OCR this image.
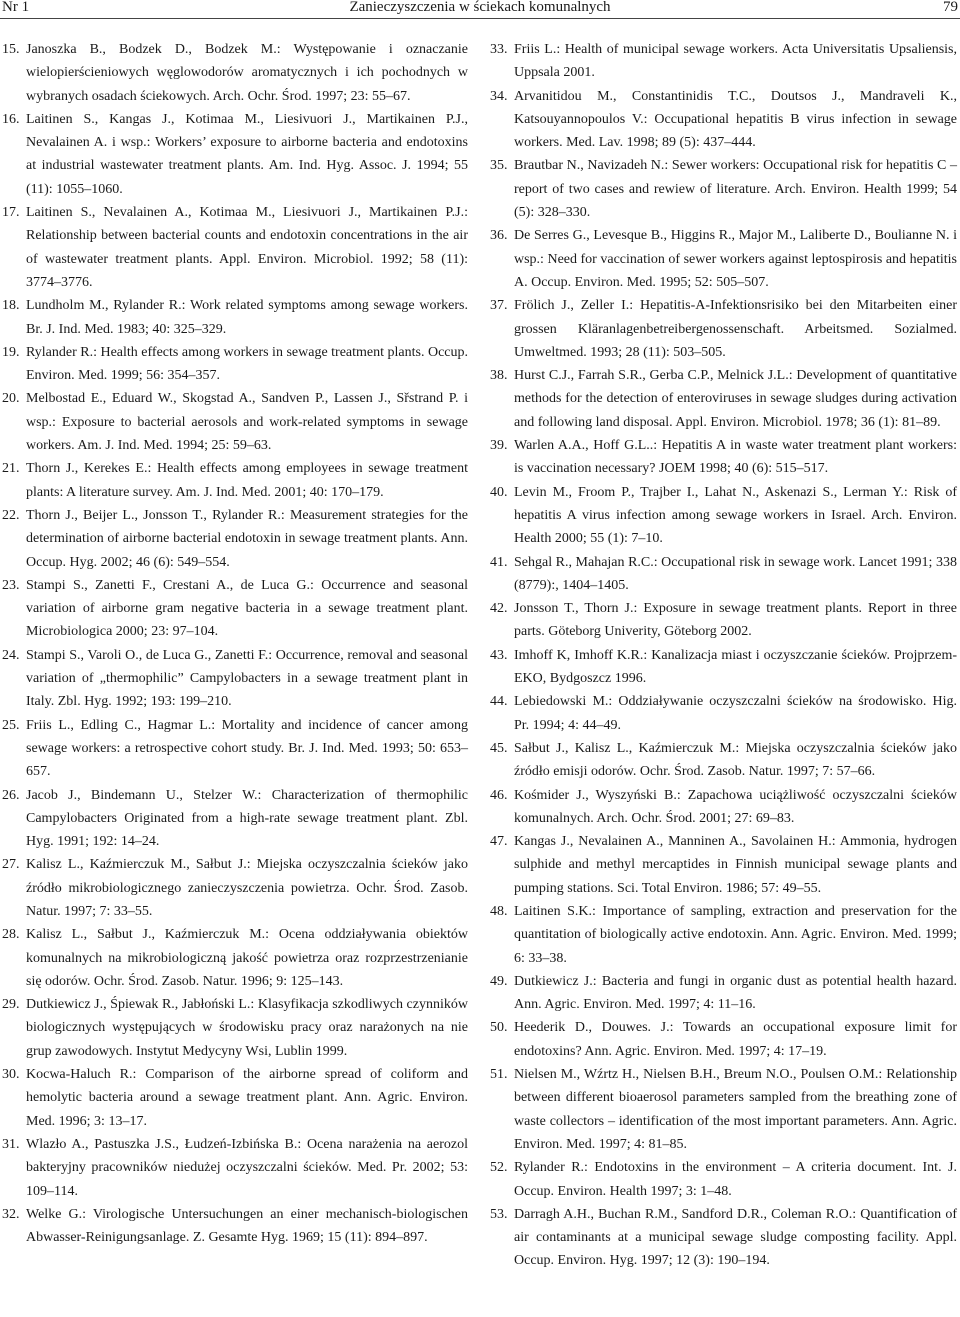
Nr 1	Zanieczyszczenia w ściekach komunalnych	79

15. Janoszka B., Bodzek D., Bodzek M.: Występowanie i oznaczanie wielopierścieniowych węglowodorów aromatycznych i ich pochodnych w wybranych osadach ściekowych. Arch. Ochr. Środ. 1997; 23: 55–67.

16. Laitinen S., Kangas J., Kotimaa M., Liesivuori J., Martikainen P.J., Nevalainen A. i wsp.: Workers’ exposure to airborne bacteria and endotoxins at industrial wastewater treatment plants. Am. Ind. Hyg. Assoc. J. 1994; 55 (11): 1055–1060.

17. Laitinen S., Nevalainen A., Kotimaa M., Liesivuori J., Martikainen P.J.: Relationship between bacterial counts and endotoxin concentrations in the air of wastewater treatment plants. Appl. Environ. Microbiol. 1992; 58 (11): 3774–3776.

18. Lundholm M., Rylander R.: Work related symptoms among sewage workers. Br. J. Ind. Med. 1983; 40: 325–329.

19. Rylander R.: Health effects among workers in sewage treatment plants. Occup. Environ. Med. 1999; 56: 354–357.

20. Melbostad E., Eduard W., Skogstad A., Sandven P., Lassen J., Sřstrand P. i wsp.: Exposure to bacterial aerosols and work-related symptoms in sewage workers. Am. J. Ind. Med. 1994; 25: 59–63.

21. Thorn J., Kerekes E.: Health effects among employees in sewage treatment plants: A literature survey. Am. J. Ind. Med. 2001; 40: 170–179.

22. Thorn J., Beijer L., Jonsson T., Rylander R.: Measurement strategies for the determination of airborne bacterial endotoxin in sewage treatment plants. Ann. Occup. Hyg. 2002; 46 (6): 549–554.

23. Stampi S., Zanetti F., Crestani A., de Luca G.: Occurrence and seasonal variation of airborne gram negative bacteria in a sewage treatment plant. Microbiologica 2000; 23: 97–104.

24. Stampi S., Varoli O., de Luca G., Zanetti F.: Occurrence, removal and seasonal variation of „thermophilic” Campylobacters in a sewage treatment plant in Italy. Zbl. Hyg. 1992; 193: 199–210.

25. Friis L., Edling C., Hagmar L.: Mortality and incidence of cancer among sewage workers: a retrospective cohort study. Br. J. Ind. Med. 1993; 50: 653–657.

26. Jacob J., Bindemann U., Stelzer W.: Characterization of thermophilic Campylobacters Originated from a high-rate sewage treatment plant. Zbl. Hyg. 1991; 192: 14–24.

27. Kalisz L., Kaźmierczuk M., Sałbut J.: Miejska oczyszczalnia ścieków jako źródło mikrobiologicznego zanieczyszczenia powietrza. Ochr. Środ. Zasob. Natur. 1997; 7: 33–55.

28. Kalisz L., Sałbut J., Kaźmierczuk M.: Ocena oddziaływania obiektów komunalnych na mikrobiologiczną jakość powietrza oraz rozprzestrzenianie się odorów. Ochr. Środ. Zasob. Natur. 1996; 9: 125–143.

29. Dutkiewicz J., Śpiewak R., Jabłoński L.: Klasyfikacja szkodliwych czynników biologicznych występujących w środowisku pracy oraz narażonych na nie grup zawodowych. Instytut Medycyny Wsi, Lublin 1999.

30. Kocwa-Haluch R.: Comparison of the airborne spread of coliform and hemolytic bacteria around a sewage treatment plant. Ann. Agric. Environ. Med. 1996; 3: 13–17.

31. Wlazło A., Pastuszka J.S., Łudzeń-Izbińska B.: Ocena narażenia na aerozol bakteryjny pracowników niedużej oczyszczalni ścieków. Med. Pr. 2002; 53: 109–114.

32. Welke G.: Virologische Untersuchungen an einer mechanisch-biologischen Abwasser-Reinigungsanlage. Z. Gesamte Hyg. 1969; 15 (11): 894–897.

33. Friis L.: Health of municipal sewage workers. Acta Universitatis Upsaliensis, Uppsala 2001.

34. Arvanitidou M., Constantinidis T.C., Doutsos J., Mandraveli K., Katsouyannopoulos V.: Occupational hepatitis B virus infection in sewage workers. Med. Lav. 1998; 89 (5): 437–444.

35. Brautbar N., Navizadeh N.: Sewer workers: Occupational risk for hepatitis C – report of two cases and rewiew of literature. Arch. Environ. Health 1999; 54 (5): 328–330.

36. De Serres G., Levesque B., Higgins R., Major M., Laliberte D., Boulianne N. i wsp.: Need for vaccination of sewer workers against leptospirosis and hepatitis A. Occup. Environ. Med. 1995; 52: 505–507.

37. Frölich J., Zeller I.: Hepatitis-A-Infektionsrisiko bei den Mitarbeiten einer grossen Kläranlagenbetreibergenossenschaft. Arbeitsmed. Sozialmed. Umweltmed. 1993; 28 (11): 503–505.

38. Hurst C.J., Farrah S.R., Gerba C.P., Melnick J.L.: Development of quantitative methods for the detection of enteroviruses in sewage sludges during activation and following land disposal. Appl. Environ. Microbiol. 1978; 36 (1): 81–89.

39. Warlen A.A., Hoff G.L..: Hepatitis A in waste water treatment plant workers: is vaccination necessary? JOEM 1998; 40 (6): 515–517.

40. Levin M., Froom P., Trajber I., Lahat N., Askenazi S., Lerman Y.: Risk of hepatitis A virus infection among sewage workers in Israel. Arch. Environ. Health 2000; 55 (1): 7–10.

41. Sehgal R., Mahajan R.C.: Occupational risk in sewage work. Lancet 1991; 338 (8779):, 1404–1405.

42. Jonsson T., Thorn J.: Exposure in sewage treatment plants. Report in three parts. Göteborg Univerity, Göteborg 2002.

43. Imhoff K, Imhoff K.R.: Kanalizacja miast i oczyszczanie ścieków. Projprzem-EKO, Bydgoszcz 1996.

44. Lebiedowski M.: Oddziaływanie oczyszczalni ścieków na środowisko. Hig. Pr. 1994; 4: 44–49.

45. Sałbut J., Kalisz L., Kaźmierczuk M.: Miejska oczyszczalnia ścieków jako źródło emisji odorów. Ochr. Środ. Zasob. Natur. 1997; 7: 57–66.

46. Kośmider J., Wyszyński B.: Zapachowa uciążliwość oczyszczalni ścieków komunalnych. Arch. Ochr. Środ. 2001; 27: 69–83.

47. Kangas J., Nevalainen A., Manninen A., Savolainen H.: Ammonia, hydrogen sulphide and methyl mercaptides in Finnish municipal sewage plants and pumping stations. Sci. Total Environ. 1986; 57: 49–55.

48. Laitinen S.K.: Importance of sampling, extraction and preservation for the quantitation of biologically active endotoxin. Ann. Agric. Environ. Med. 1999; 6: 33–38.

49. Dutkiewicz J.: Bacteria and fungi in organic dust as potential health hazard. Ann. Agric. Environ. Med. 1997; 4: 11–16.

50. Heederik D., Douwes. J.: Towards an occupational exposure limit for endotoxins? Ann. Agric. Environ. Med. 1997; 4: 17–19.

51. Nielsen M., Wźrtz H., Nielsen B.H., Breum N.O., Poulsen O.M.: Relationship between different bioaerosol parameters sampled from the breathing zone of waste collectors – identification of the most important parameters. Ann. Agric. Environ. Med. 1997; 4: 81–85.

52. Rylander R.: Endotoxins in the environment – A criteria document. Int. J. Occup. Environ. Health 1997; 3: 1–48.

53. Darragh A.H., Buchan R.M., Sandford D.R., Coleman R.O.: Quantification of air contaminants at a municipal sewage sludge composting facility. Appl. Occup. Environ. Hyg. 1997; 12 (3): 190–194.
